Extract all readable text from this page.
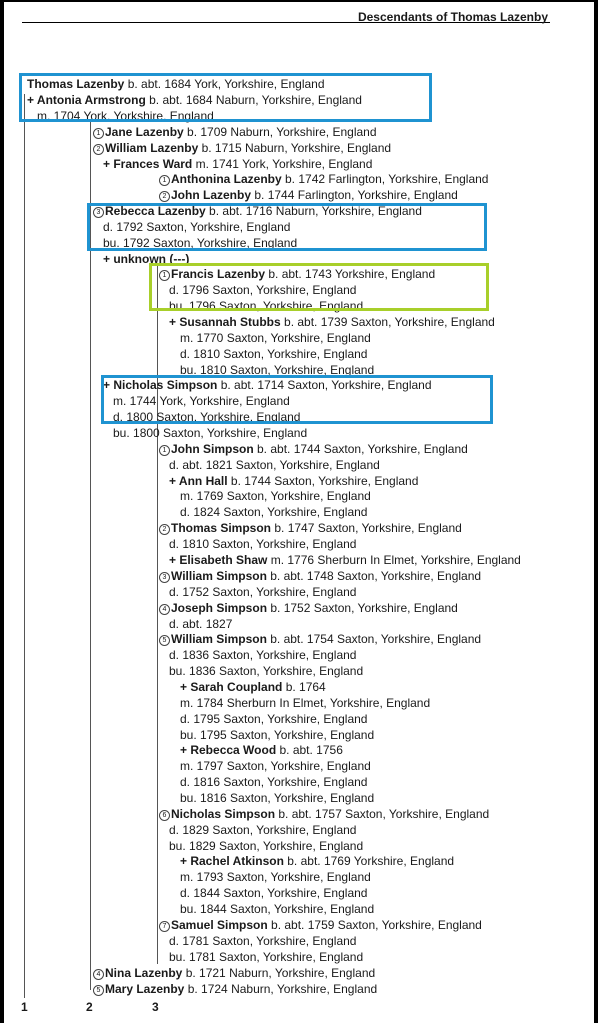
Descendants of Thomas Lazenby
Thomas Lazenby b. abt. 1684 York, Yorkshire, England
+ Antonia Armstrong b. abt. 1684 Naburn, Yorkshire, England
m. 1704 York, Yorkshire, England
1 Jane Lazenby b. 1709 Naburn, Yorkshire, England
2 William Lazenby b. 1715 Naburn, Yorkshire, England
+ Frances Ward m. 1741 York, Yorkshire, England
1 Anthonina Lazenby b. 1742 Farlington, Yorkshire, England
2 John Lazenby b. 1744 Farlington, Yorkshire, England
3 Rebecca Lazenby b. abt. 1716 Naburn, Yorkshire, England
d. 1792 Saxton, Yorkshire, England
bu. 1792 Saxton, Yorkshire, England
+ unknown (---)
1 Francis Lazenby b. abt. 1743 Yorkshire, England
d. 1796 Saxton, Yorkshire, England
bu. 1796 Saxton, Yorkshire, England
+ Susannah Stubbs b. abt. 1739 Saxton, Yorkshire, England
m. 1770 Saxton, Yorkshire, England
d. 1810 Saxton, Yorkshire, England
bu. 1810 Saxton, Yorkshire, England
+ Nicholas Simpson b. abt. 1714 Saxton, Yorkshire, England
m. 1744 York, Yorkshire, England
d. 1800 Saxton, Yorkshire, England
bu. 1800 Saxton, Yorkshire, England
1 John Simpson b. abt. 1744 Saxton, Yorkshire, England
d. abt. 1821 Saxton, Yorkshire, England
+ Ann Hall b. 1744 Saxton, Yorkshire, England
m. 1769 Saxton, Yorkshire, England
d. 1824 Saxton, Yorkshire, England
2 Thomas Simpson b. 1747 Saxton, Yorkshire, England
d. 1810 Saxton, Yorkshire, England
+ Elisabeth Shaw m. 1776 Sherburn In Elmet, Yorkshire, England
3 William Simpson b. abt. 1748 Saxton, Yorkshire, England
d. 1752 Saxton, Yorkshire, England
4 Joseph Simpson b. 1752 Saxton, Yorkshire, England
d. abt. 1827
5 William Simpson b. abt. 1754 Saxton, Yorkshire, England
d. 1836 Saxton, Yorkshire, England
bu. 1836 Saxton, Yorkshire, England
+ Sarah Coupland b. 1764
m. 1784 Sherburn In Elmet, Yorkshire, England
d. 1795 Saxton, Yorkshire, England
bu. 1795 Saxton, Yorkshire, England
+ Rebecca Wood b. abt. 1756
m. 1797 Saxton, Yorkshire, England
d. 1816 Saxton, Yorkshire, England
bu. 1816 Saxton, Yorkshire, England
6 Nicholas Simpson b. abt. 1757 Saxton, Yorkshire, England
d. 1829 Saxton, Yorkshire, England
bu. 1829 Saxton, Yorkshire, England
+ Rachel Atkinson b. abt. 1769 Yorkshire, England
m. 1793 Saxton, Yorkshire, England
d. 1844 Saxton, Yorkshire, England
bu. 1844 Saxton, Yorkshire, England
7 Samuel Simpson b. abt. 1759 Saxton, Yorkshire, England
d. 1781 Saxton, Yorkshire, England
bu. 1781 Saxton, Yorkshire, England
4 Nina Lazenby b. 1721 Naburn, Yorkshire, England
5 Mary Lazenby b. 1724 Naburn, Yorkshire, England
1	2	3
